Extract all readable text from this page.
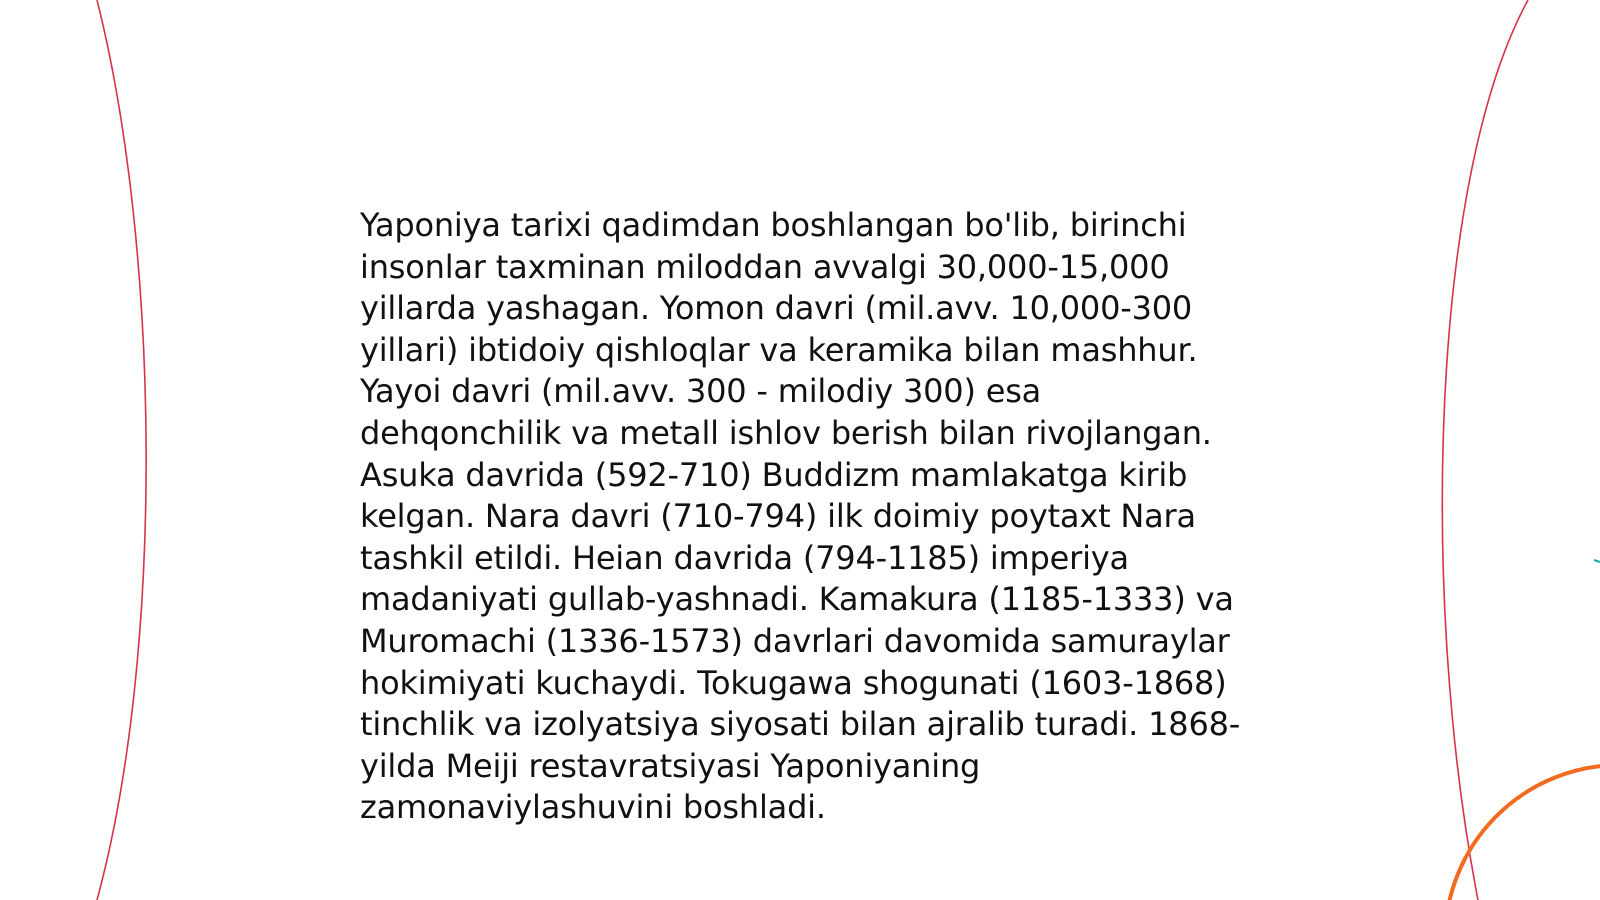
Yaponiya tarixi qadimdan boshlangan bo'lib, birinchi insonlar taxminan miloddan avvalgi 30,000-15,000 yillarda yashagan. Yomon davri (mil.avv. 10,000-300 yillari) ibtidoiy qishloqlar va keramika bilan mashhur. Yayoi davri (mil.avv. 300 - milodiy 300) esa dehqonchilik va metall ishlov berish bilan rivojlangan. Asuka davrida (592-710) Buddizm mamlakatga kirib kelgan. Nara davri (710-794) ilk doimiy poytaxt Nara tashkil etildi. Heian davrida (794-1185) imperiya madaniyati gullab-yashnadi. Kamakura (1185-1333) va Muromachi (1336-1573) davrlari davomida samuraylar hokimiyati kuchaydi. Tokugawa shogunati (1603-1868) tinchlik va izolyatsiya siyosati bilan ajralib turadi. 1868-yilda Meiji restavratsiyasi Yaponiyaning zamonaviylashuvini boshladi.
